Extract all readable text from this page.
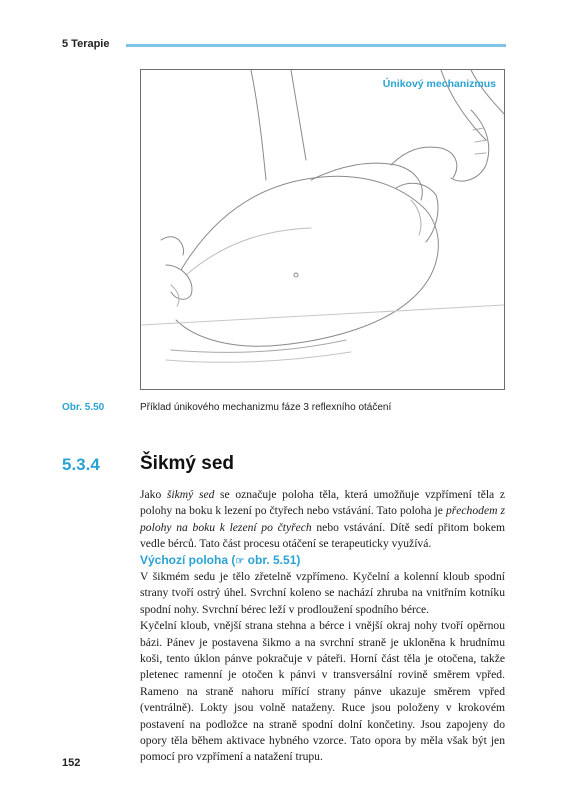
5 Terapie
Únikový mechanizmus
Obr. 5.50	Příklad únikového mechanizmu fáze 3 reflexního otáčení
5.3.4 Šikmý sed

Jako šikmý sed se označuje poloha těla, která umožňuje vzpřímení těla z polohy na boku k lezení po čtyřech nebo vstávání. Tato poloha je přechodem z polohy na boku k lezení po čtyřech nebo vstávání. Dítě sedí přitom bokem vedle bérců. Tato část procesu otáčení se terapeuticky využívá.

Výchozí poloha (☞ obr. 5.51)
V šikmém sedu je tělo zřetelně vzpřímeno. Kyčelní a kolenní kloub spodní strany tvoří ostrý úhel. Svrchní koleno se nachází zhruba na vnitřním kotníku spodní nohy. Svrchní bérec leží v prodloužení spodního bérce.
Kyčelní kloub, vnější strana stehna a bérce i vnější okraj nohy tvoří opěrnou bázi. Pánev je postavena šikmo a na svrchní straně je ukloněna k hrudnímu koši, tento úklon pánve pokračuje v páteři. Horní část těla je otočena, takže pletenec ramenní je otočen k pánvi v transversální rovině směrem vpřed. Rameno na straně nahoru mířící strany pánve ukazuje směrem vpřed (ventrálně). Lokty jsou volně nataženy. Ruce jsou položeny v krokovém postavení na podložce na straně spodní dolní končetiny. Jsou zapojeny do opory těla během aktivace hybného vzorce. Tato opora by měla však být jen pomocí pro vzpřímení a natažení trupu.
152
